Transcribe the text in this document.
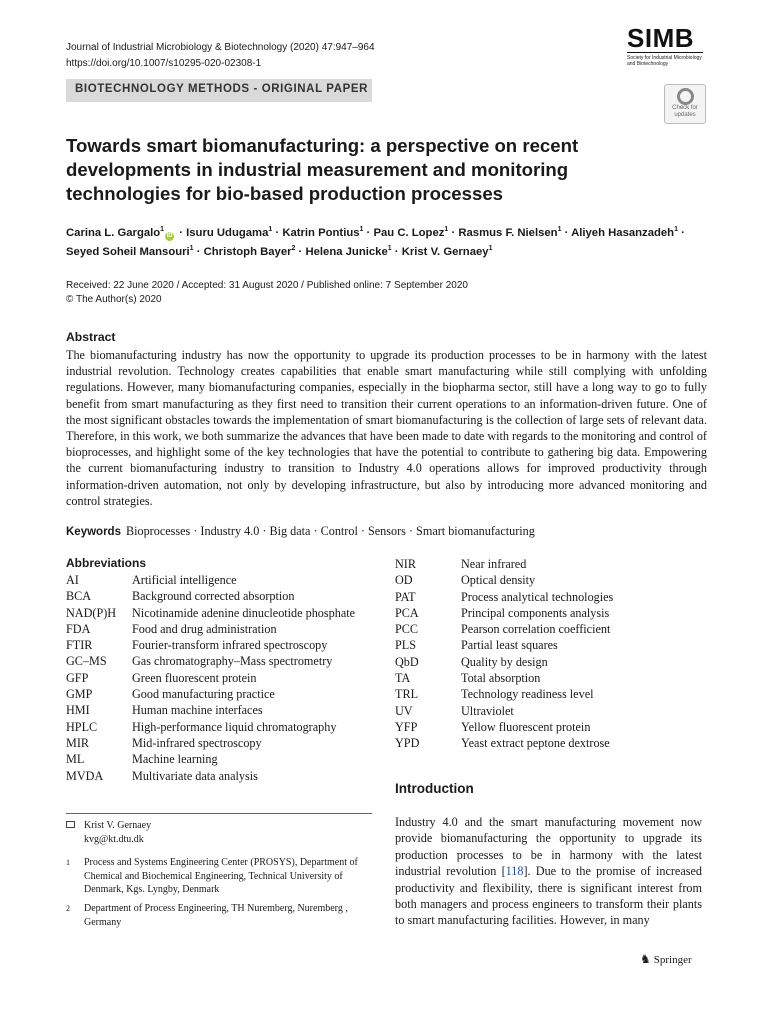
Journal of Industrial Microbiology & Biotechnology (2020) 47:947–964
https://doi.org/10.1007/s10295-020-02308-1
BIOTECHNOLOGY METHODS - ORIGINAL PAPER
SIMB
Society for Industrial Microbiology and Biotechnology
Check for updates
Towards smart biomanufacturing: a perspective on recent developments in industrial measurement and monitoring technologies for bio-based production processes
Carina L. Gargalo$^1$iD · Isuru Udugama$^1$ · Katrin Pontius$^1$ · Pau C. Lopez$^1$ · Rasmus F. Nielsen$^1$ · Aliyeh Hasanzadeh$^1$ ·
Seyed Soheil Mansouri$^1$ · Christoph Bayer$^2$ · Helena Junicke$^1$ · Krist V. Gernaey$^1$
Received: 22 June 2020 / Accepted: 31 August 2020 / Published online: 7 September 2020
© The Author(s) 2020
Abstract
The biomanufacturing industry has now the opportunity to upgrade its production processes to be in harmony with the latest industrial revolution. Technology creates capabilities that enable smart manufacturing while still complying with unfolding regulations. However, many biomanufacturing companies, especially in the biopharma sector, still have a long way to go to fully benefit from smart manufacturing as they first need to transition their current operations to an information-driven future. One of the most significant obstacles towards the implementation of smart biomanufacturing is the collection of large sets of relevant data. Therefore, in this work, we both summarize the advances that have been made to date with regards to the monitoring and control of bioprocesses, and highlight some of the key technologies that have the potential to contribute to gathering big data. Empowering the current biomanufacturing industry to transition to Industry 4.0 operations allows for improved productivity through information-driven automation, not only by developing infrastructure, but also by introducing more advanced monitoring and control strategies.
Keywords Bioprocesses · Industry 4.0 · Big data · Control · Sensors · Smart biomanufacturing
Abbreviations
AI	Artificial intelligence
BCA	Background corrected absorption
NAD(P)H Nicotinamide adenine dinucleotide phosphate
FDA	Food and drug administration
FTIR	Fourier-transform infrared spectroscopy
GC–MS Gas chromatography–Mass spectrometry
GFP	Green fluorescent protein
GMP	Good manufacturing practice
HMI	Human machine interfaces
HPLC	High-performance liquid chromatography
MIR	Mid-infrared spectroscopy
ML	Machine learning
MVDA Multivariate data analysis
NIR	Near infrared
OD	Optical density
PAT	Process analytical technologies
PCA	Principal components analysis
PCC	Pearson correlation coefficient
PLS	Partial least squares
QbD	Quality by design
TA	Total absorption
TRL	Technology readiness level
UV	Ultraviolet
YFP	Yellow fluorescent protein
YPD	Yeast extract peptone dextrose
Introduction
Industry 4.0 and the smart manufacturing movement now provide biomanufacturing the opportunity to upgrade its production processes to be in harmony with the latest industrial revolution [118]. Due to the promise of increased productivity and flexibility, there is significant interest from both managers and process engineers to transform their plants to smart manufacturing facilities. However, in many
Krist V. Gernaey
kvg@kt.dtu.dk
1 Process and Systems Engineering Center (PROSYS), Department of Chemical and Biochemical Engineering, Technical University of Denmark, Kgs. Lyngby, Denmark
2 Department of Process Engineering, TH Nuremberg, Nuremberg , Germany
♞ Springer
